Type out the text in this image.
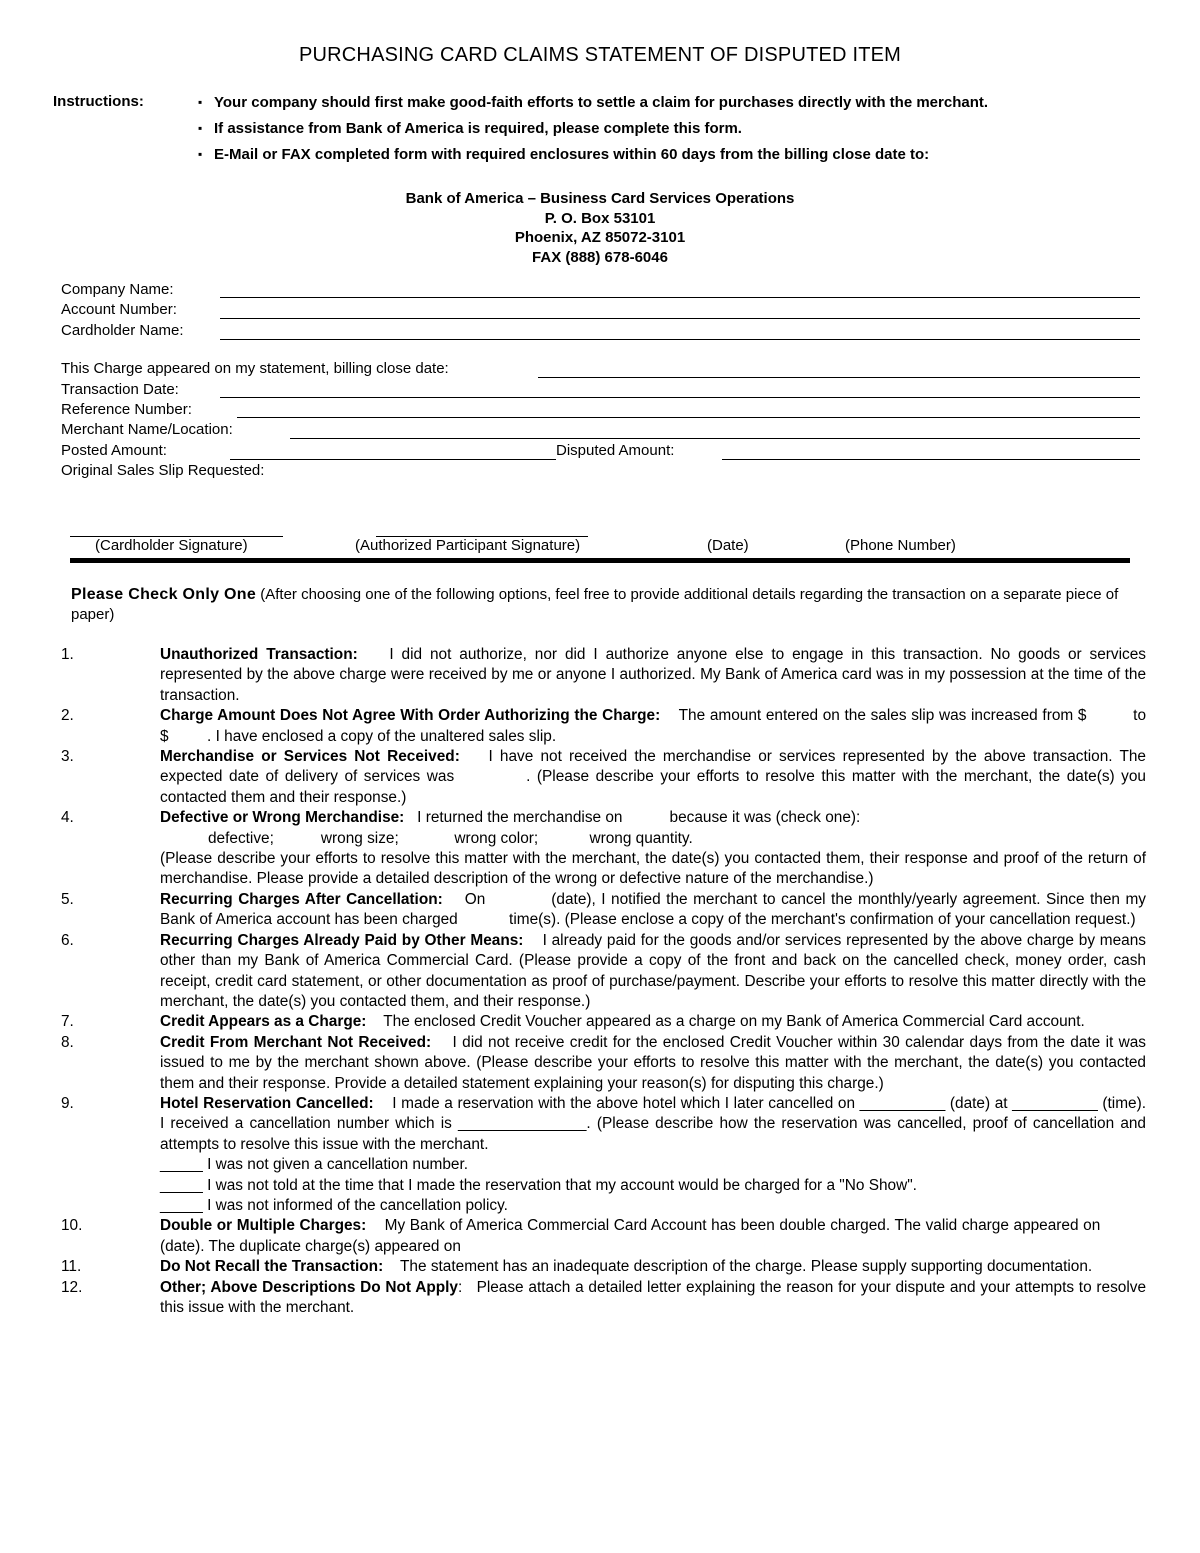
PURCHASING CARD CLAIMS STATEMENT OF DISPUTED ITEM
Instructions:
▪	Your company should first make good-faith efforts to settle a claim for purchases directly with the merchant.
▪ If assistance from Bank of America is required, please complete this form.
▪ E-Mail or FAX completed form with required enclosures within 60 days from the billing close date to:
Bank of America – Business Card Services Operations
P. O. Box 53101
Phoenix, AZ 85072-3101
FAX (888) 678-6046
Company Name:
Account Number:
Cardholder Name:
This Charge appeared on my statement, billing close date:
Transaction Date:
Reference Number:
Merchant Name/Location:
Posted Amount:	Disputed Amount:
Original Sales Slip Requested:
(Cardholder Signature)	(Authorized Participant Signature)	(Date)	(Phone Number)
Please Check Only One (After choosing one of the following options, feel free to provide additional details regarding the transaction on a separate piece of paper)
1.	Unauthorized Transaction: I did not authorize, nor did I authorize anyone else to engage in this transaction. No goods or services represented by the above charge were received by me or anyone I authorized. My Bank of America card was in my possession at the time of the transaction.
2.	Charge Amount Does Not Agree With Order Authorizing the Charge: The amount entered on the sales slip was increased from $          to $         . I have enclosed a copy of the unaltered sales slip.
3.	Merchandise or Services Not Received: I have not received the merchandise or services represented by the above transaction. The expected date of delivery of services was           . (Please describe your efforts to resolve this matter with the merchant, the date(s) you contacted them and their response.)
4.	Defective or Wrong Merchandise: I returned the merchandise on           because it was (check one):
defective;           wrong size;             wrong color;            wrong quantity.
(Please describe your efforts to resolve this matter with the merchant, the date(s) you contacted them, their response and proof of the return of merchandise. Please provide a detailed description of the wrong or defective nature of the merchandise.)
5.	Recurring Charges After Cancellation: On            (date), I notified the merchant to cancel the monthly/yearly agreement. Since then my Bank of America account has been charged            time(s). (Please enclose a copy of the merchant's confirmation of your cancellation request.)
6.	Recurring Charges Already Paid by Other Means: I already paid for the goods and/or services represented by the above charge by means other than my Bank of America Commercial Card. (Please provide a copy of the front and back on the cancelled check, money order, cash receipt, credit card statement, or other documentation as proof of purchase/payment. Describe your efforts to resolve this matter directly with the merchant, the date(s) you contacted them, and their response.)
7.	Credit Appears as a Charge: The enclosed Credit Voucher appeared as a charge on my Bank of America Commercial Card account.
8.	Credit From Merchant Not Received: I did not receive credit for the enclosed Credit Voucher within 30 calendar days from the date it was issued to me by the merchant shown above. (Please describe your efforts to resolve this matter with the merchant, the date(s) you contacted them and their response. Provide a detailed statement explaining your reason(s) for disputing this charge.)
9.	Hotel Reservation Cancelled: I made a reservation with the above hotel which I later cancelled on __________ (date) at __________ (time). I received a cancellation number which is _______________. (Please describe how the reservation was cancelled, proof of cancellation and attempts to resolve this issue with the merchant.
_____ I was not given a cancellation number.
_____ I was not told at the time that I made the reservation that my account would be charged for a "No Show".
_____ I was not informed of the cancellation policy.
10.	Double or Multiple Charges: My Bank of America Commercial Card Account has been double charged. The valid charge appeared on           (date). The duplicate charge(s) appeared on
11.	Do Not Recall the Transaction: The statement has an inadequate description of the charge. Please supply supporting documentation.
12.	Other; Above Descriptions Do Not Apply: Please attach a detailed letter explaining the reason for your dispute and your attempts to resolve this issue with the merchant.
